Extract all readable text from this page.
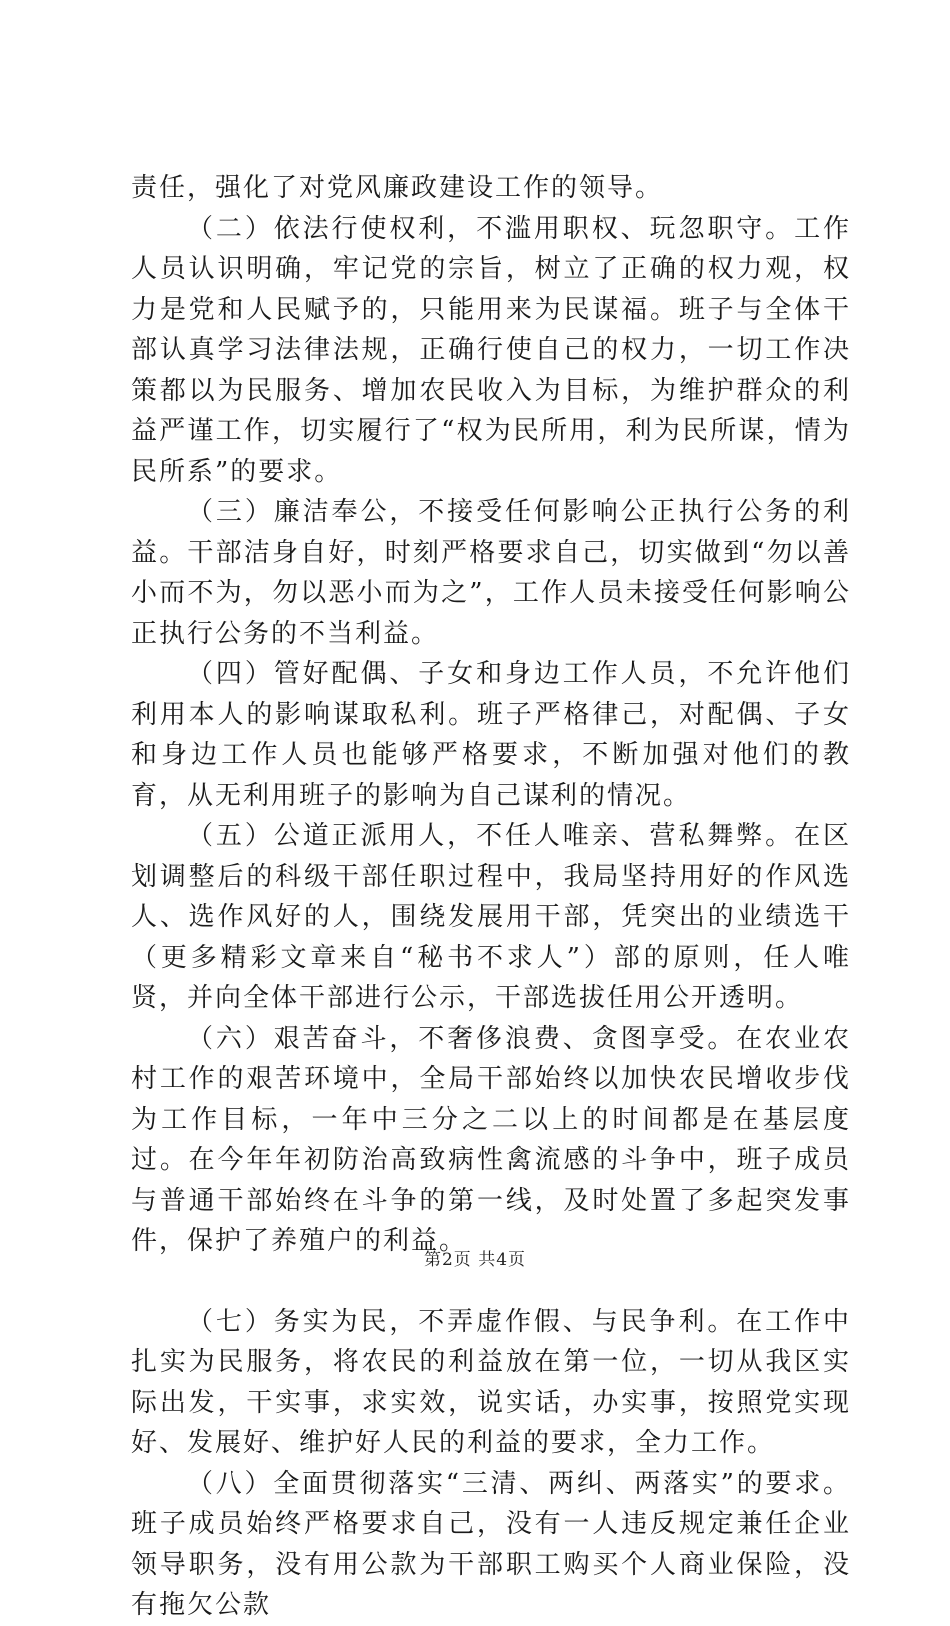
责任，强化了对党风廉政建设工作的领导。

（二）依法行使权利，不滥用职权、玩忽职守。工作人员认识明确，牢记党的宗旨，树立了正确的权力观，权力是党和人民赋予的，只能用来为民谋福。班子与全体干部认真学习法律法规，正确行使自己的权力，一切工作决策都以为民服务、增加农民收入为目标，为维护群众的利益严谨工作，切实履行了“权为民所用，利为民所谋，情为民所系”的要求。

（三）廉洁奉公，不接受任何影响公正执行公务的利益。干部洁身自好，时刻严格要求自己，切实做到“勿以善小而不为，勿以恶小而为之”，工作人员未接受任何影响公正执行公务的不当利益。

（四）管好配偶、子女和身边工作人员，不允许他们利用本人的影响谋取私利。班子严格律己，对配偶、子女和身边工作人员也能够严格要求，不断加强对他们的教育，从无利用班子的影响为自己谋利的情况。

（五）公道正派用人，不任人唯亲、营私舞弊。在区划调整后的科级干部任职过程中，我局坚持用好的作风选人、选作风好的人，围绕发展用干部，凭突出的业绩选干（更多精彩文章来自“秘书不求人”）部的原则，任人唯贤，并向全体干部进行公示，干部选拔任用公开透明。

（六）艰苦奋斗，不奢侈浪费、贪图享受。在农业农村工作的艰苦环境中，全局干部始终以加快农民增收步伐为工作目标，一年中三分之二以上的时间都是在基层度过。在今年年初防治高致病性禽流感的斗争中，班子成员与普通干部始终在斗争的第一线，及时处置了多起突发事件，保护了养殖户的利益。

（七）务实为民，不弄虚作假、与民争利。在工作中扎实为民服务，将农民的利益放在第一位，一切从我区实际出发，干实事，求实效，说实话，办实事，按照党实现好、发展好、维护好人民的利益的要求，全力工作。

（八）全面贯彻落实“三清、两纠、两落实”的要求。班子成员始终严格要求自己，没有一人违反规定兼任企业领导职务，没有用公款为干部职工购买个人商业保险，没有拖欠公款

第2页 共4页
